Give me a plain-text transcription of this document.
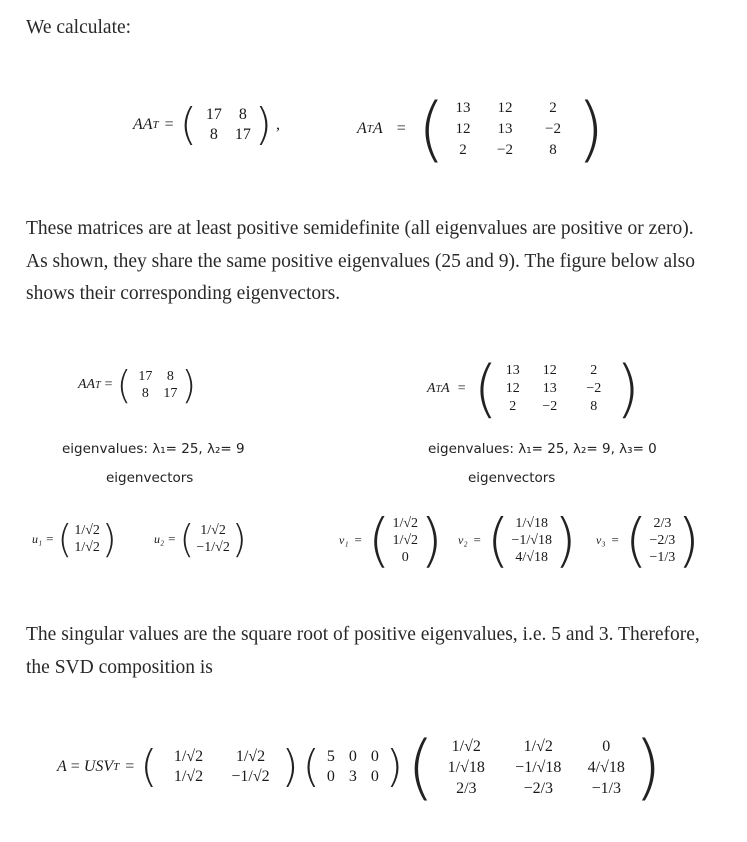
We calculate:
AA T = ( 17	8
8	17 ) ,	A T A = ( 13	12	2
12	13	−2
2	−2	8 )
These matrices are at least positive semidefinite (all eigenvalues are positive or zero). As shown, they share the same positive eigenvalues (25 and 9). The figure below also shows their corresponding eigenvectors.
AA T = ( 17	8
8	17 )	A T A = ( 13	12	2
12	13	−2
2	−2	8 )
eigenvalues: λ₁= 25, λ₂= 9
eigenvectors
eigenvalues: λ₁= 25, λ₂= 9, λ₃= 0
eigenvectors
u₁ = ( 1/√2
1/√2 )	u₂ = ( 1/√2
−1/√2 )	v₁ = ( 1/√2
1/√2
0 ) v₂ = ( 1/√18
−1/√18
4/√18 ) v₃ = ( 2/3
−2/3
−1/3 )
The singular values are the square root of positive eigenvalues, i.e. 5 and 3. Therefore, the SVD composition is
A = USV T = (	1/√2	1/√2
1/√2	−1/√2 ) ( 5 0 0
0 3 0 ) (	1/√2	1/√2	0
1/√18	−1/√18	4/√18
2/3	−2/3	−1/3 )
